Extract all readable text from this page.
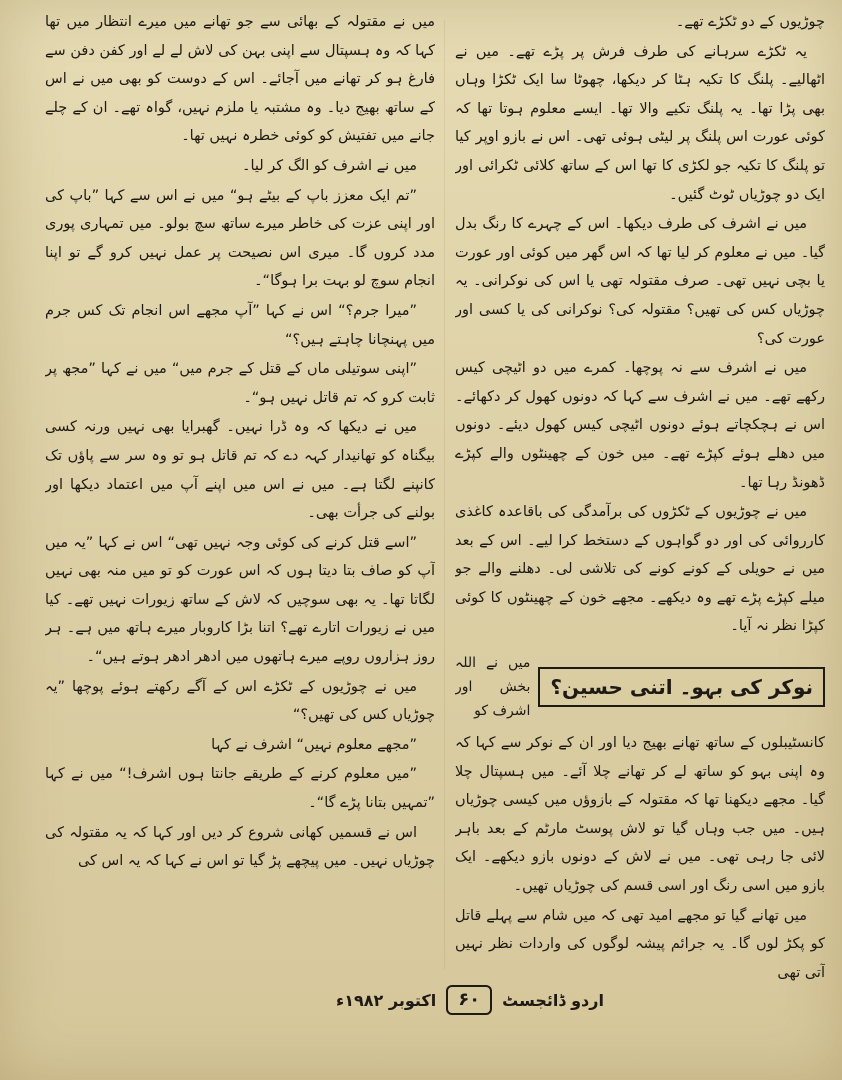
چوڑیوں کے دو ٹکڑے تھے۔

یہ ٹکڑے سرہانے کی طرف فرش پر پڑے تھے۔ میں نے اٹھالیے۔ پلنگ کا تکیہ ہٹا کر دیکھا، چھوٹا سا ایک ٹکڑا وہاں بھی پڑا تھا۔ یہ پلنگ تکیے والا تھا۔ ایسے معلوم ہوتا تھا کہ کوئی عورت اس پلنگ پر لیٹی ہوئی تھی۔ اس نے بازو اوپر کیا تو پلنگ کا تکیہ جو لکڑی کا تھا اس کے ساتھ کلائی ٹکرائی اور ایک دو چوڑیاں ٹوٹ گئیں۔

میں نے اشرف کی طرف دیکھا۔ اس کے چہرے کا رنگ بدل گیا۔ میں نے معلوم کر لیا تھا کہ اس گھر میں کوئی اور عورت یا بچی نہیں تھی۔ صرف مقتولہ تھی یا اس کی نوکرانی۔ یہ چوڑیاں کس کی تھیں؟ مقتولہ کی؟ نوکرانی کی یا کسی اور عورت کی؟

میں نے اشرف سے نہ پوچھا۔ کمرے میں دو اٹیچی کیس رکھے تھے۔ میں نے اشرف سے کہا کہ دونوں کھول کر دکھائے۔ اس نے ہچکچاتے ہوئے دونوں اٹیچی کیس کھول دیئے۔ دونوں میں دھلے ہوئے کپڑے تھے۔ میں خون کے چھینٹوں والے کپڑے ڈھونڈ رہا تھا۔

میں نے چوڑیوں کے ٹکڑوں کی برآمدگی کی باقاعدہ کاغذی کارروائی کی اور دو گواہوں کے دستخط کرا لیے۔ اس کے بعد میں نے حویلی کے کونے کونے کی تلاشی لی۔ دھلنے والے جو میلے کپڑے پڑے تھے وہ دیکھے۔ مجھے خون کے چھینٹوں کا کوئی کپڑا نظر نہ آیا۔

نوکر کی بہو۔ اتنی حسین؟
میں نے اللہ بخش اور اشرف کو

کانسٹیبلوں کے ساتھ تھانے بھیج دیا اور ان کے نوکر سے کہا کہ وہ اپنی بہو کو ساتھ لے کر تھانے چلا آئے۔ میں ہسپتال چلا گیا۔ مجھے دیکھنا تھا کہ مقتولہ کے بازوؤں میں کیسی چوڑیاں ہیں۔ میں جب وہاں گیا تو لاش پوسٹ مارٹم کے بعد باہر لائی جا رہی تھی۔ میں نے لاش کے دونوں بازو دیکھے۔ ایک بازو میں اسی رنگ اور اسی قسم کی چوڑیاں تھیں۔

میں تھانے گیا تو مجھے امید تھی کہ میں شام سے پہلے قاتل کو پکڑ لوں گا۔ یہ جرائم پیشہ لوگوں کی واردات نظر نہیں آتی تھی

میں نے مقتولہ کے بھائی سے جو تھانے میں میرے انتظار میں تھا کہا کہ وہ ہسپتال سے اپنی بہن کی لاش لے لے اور کفن دفن سے فارغ ہو کر تھانے میں آجائے۔ اس کے دوست کو بھی میں نے اس کے ساتھ بھیج دیا۔ وہ مشتبہ یا ملزم نہیں، گواہ تھے۔ ان کے چلے جانے میں تفتیش کو کوئی خطرہ نہیں تھا۔

میں نے اشرف کو الگ کر لیا۔

”تم ایک معزز باپ کے بیٹے ہو“ میں نے اس سے کہا ”باپ کی اور اپنی عزت کی خاطر میرے ساتھ سچ بولو۔ میں تمہاری پوری مدد کروں گا۔ میری اس نصیحت پر عمل نہیں کرو گے تو اپنا انجام سوچ لو بہت برا ہوگا“۔

”میرا جرم؟“ اس نے کہا ”آپ مجھے اس انجام تک کس جرم میں پہنچانا چاہتے ہیں؟“

”اپنی سوتیلی ماں کے قتل کے جرم میں“ میں نے کہا ”مجھ پر ثابت کرو کہ تم قاتل نہیں ہو“۔

میں نے دیکھا کہ وہ ڈرا نہیں۔ گھبرایا بھی نہیں ورنہ کسی بیگناہ کو تھانیدار کہہ دے کہ تم قاتل ہو تو وہ سر سے پاؤں تک کانپنے لگتا ہے۔ میں نے اس میں اپنے آپ میں اعتماد دیکھا اور بولنے کی جرأت بھی۔

”اسے قتل کرنے کی کوئی وجہ نہیں تھی“ اس نے کہا ”یہ میں آپ کو صاف بتا دیتا ہوں کہ اس عورت کو تو میں منہ بھی نہیں لگاتا تھا۔ یہ بھی سوچیں کہ لاش کے ساتھ زیورات نہیں تھے۔ کیا میں نے زیورات اتارے تھے؟ اتنا بڑا کاروبار میرے ہاتھ میں ہے۔ ہر روز ہزاروں روپے میرے ہاتھوں میں ادھر ادھر ہوتے ہیں“۔

میں نے چوڑیوں کے ٹکڑے اس کے آگے رکھتے ہوئے پوچھا ”یہ چوڑیاں کس کی تھیں؟“

”مجھے معلوم نہیں“ اشرف نے کہا

”میں معلوم کرنے کے طریقے جانتا ہوں اشرف!“ میں نے کہا ”تمہیں بتانا پڑے گا“۔

اس نے قسمیں کھانی شروع کر دیں اور کہا کہ یہ مقتولہ کی چوڑیاں نہیں۔ میں پیچھے پڑ گیا تو اس نے کہا کہ یہ اس کی

اردو ڈائجسٹ
۶۰
اکتوبر ۱۹۸۲ء
